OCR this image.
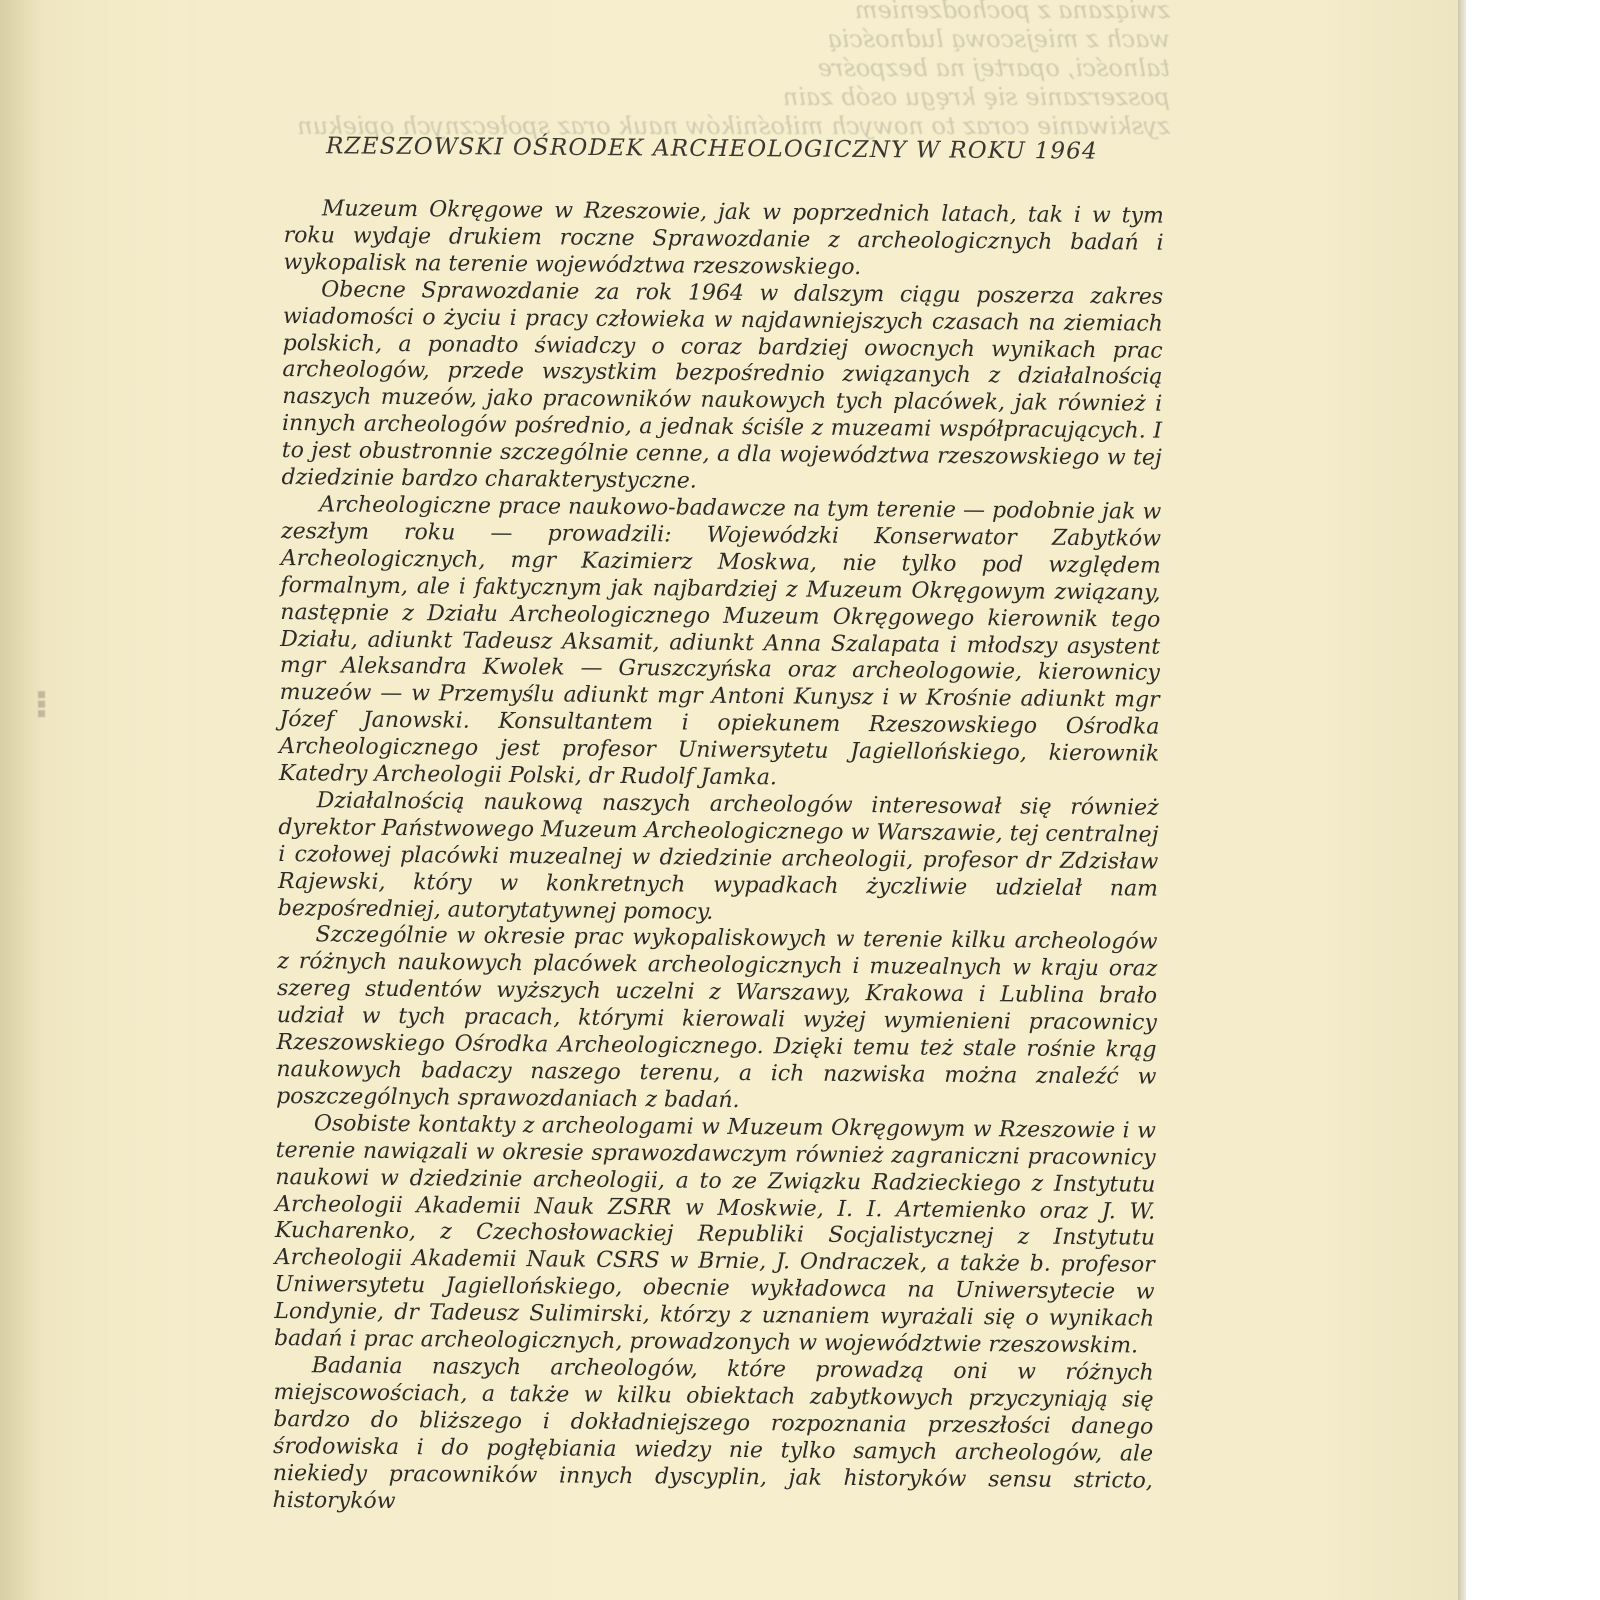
związana z pochodzeniem
wach z miejscową ludnością
talności, opartej na bezpośre
poszerzanie się kręgu osób zain
zyskiwanie coraz to nowych miłośników nauk oraz społecznych opiekun
▪▪▪
RZESZOWSKI OŚRODEK ARCHEOLOGICZNY W ROKU 1964

Muzeum Okręgowe w Rzeszowie, jak w poprzednich latach, tak i w tym roku wydaje drukiem roczne Sprawozdanie z archeologicznych badań i wykopalisk na terenie województwa rzeszowskiego.

Obecne Sprawozdanie za rok 1964 w dalszym ciągu poszerza zakres wiadomości o życiu i pracy człowieka w najdawniejszych czasach na ziemiach polskich, a ponadto świadczy o coraz bardziej owocnych wynikach prac archeologów, przede wszystkim bezpośrednio związanych z działalnością naszych muzeów, jako pracowników naukowych tych placówek, jak również i innych archeologów pośrednio, a jednak ściśle z muzeami współpracujących. I to jest obustronnie szczególnie cenne, a dla województwa rzeszowskiego w tej dziedzinie bardzo charakterystyczne.

Archeologiczne prace naukowo-badawcze na tym terenie — podobnie jak w zeszłym roku — prowadzili: Wojewódzki Konserwator Zabytków Archeologicznych, mgr Kazimierz Moskwa, nie tylko pod względem formalnym, ale i faktycznym jak najbardziej z Muzeum Okręgowym związany, następnie z Działu Archeologicznego Muzeum Okręgowego kierownik tego Działu, adiunkt Tadeusz Aksamit, adiunkt Anna Szalapata i młodszy asystent mgr Aleksandra Kwolek — Gruszczyńska oraz archeologowie, kierownicy muzeów — w Przemyślu adiunkt mgr Antoni Kunysz i w Krośnie adiunkt mgr Józef Janowski. Konsultantem i opiekunem Rzeszowskiego Ośrodka Archeologicznego jest profesor Uniwersytetu Jagiellońskiego, kierownik Katedry Archeologii Polski, dr Rudolf Jamka.

Działalnością naukową naszych archeologów interesował się również dyrektor Państwowego Muzeum Archeologicznego w Warszawie, tej centralnej i czołowej placówki muzealnej w dziedzinie archeologii, profesor dr Zdzisław Rajewski, który w konkretnych wypadkach życzliwie udzielał nam bezpośredniej, autorytatywnej pomocy.

Szczególnie w okresie prac wykopaliskowych w terenie kilku archeologów z różnych naukowych placówek archeologicznych i muzealnych w kraju oraz szereg studentów wyższych uczelni z Warszawy, Krakowa i Lublina brało udział w tych pracach, którymi kierowali wyżej wymienieni pracownicy Rzeszowskiego Ośrodka Archeologicznego. Dzięki temu też stale rośnie krąg naukowych badaczy naszego terenu, a ich nazwiska można znaleźć w poszczególnych sprawozdaniach z badań.

Osobiste kontakty z archeologami w Muzeum Okręgowym w Rzeszowie i w terenie nawiązali w okresie sprawozdawczym również zagraniczni pracownicy naukowi w dziedzinie archeologii, a to ze Związku Radzieckiego z Instytutu Archeologii Akademii Nauk ZSRR w Moskwie, I. I. Artemienko oraz J. W. Kucharenko, z Czechosłowackiej Republiki Socjalistycznej z Instytutu Archeologii Akademii Nauk CSRS w Brnie, J. Ondraczek, a także b. profesor Uniwersytetu Jagiellońskiego, obecnie wykładowca na Uniwersytecie w Londynie, dr Tadeusz Sulimirski, którzy z uznaniem wyrażali się o wynikach badań i prac archeologicznych, prowadzonych w województwie rzeszowskim.

Badania naszych archeologów, które prowadzą oni w różnych miejscowościach, a także w kilku obiektach zabytkowych przyczyniają się bardzo do bliższego i dokładniejszego rozpoznania przeszłości danego środowiska i do pogłębiania wiedzy nie tylko samych archeologów, ale niekiedy pracowników innych dyscyplin, jak historyków sensu stricto, historyków
